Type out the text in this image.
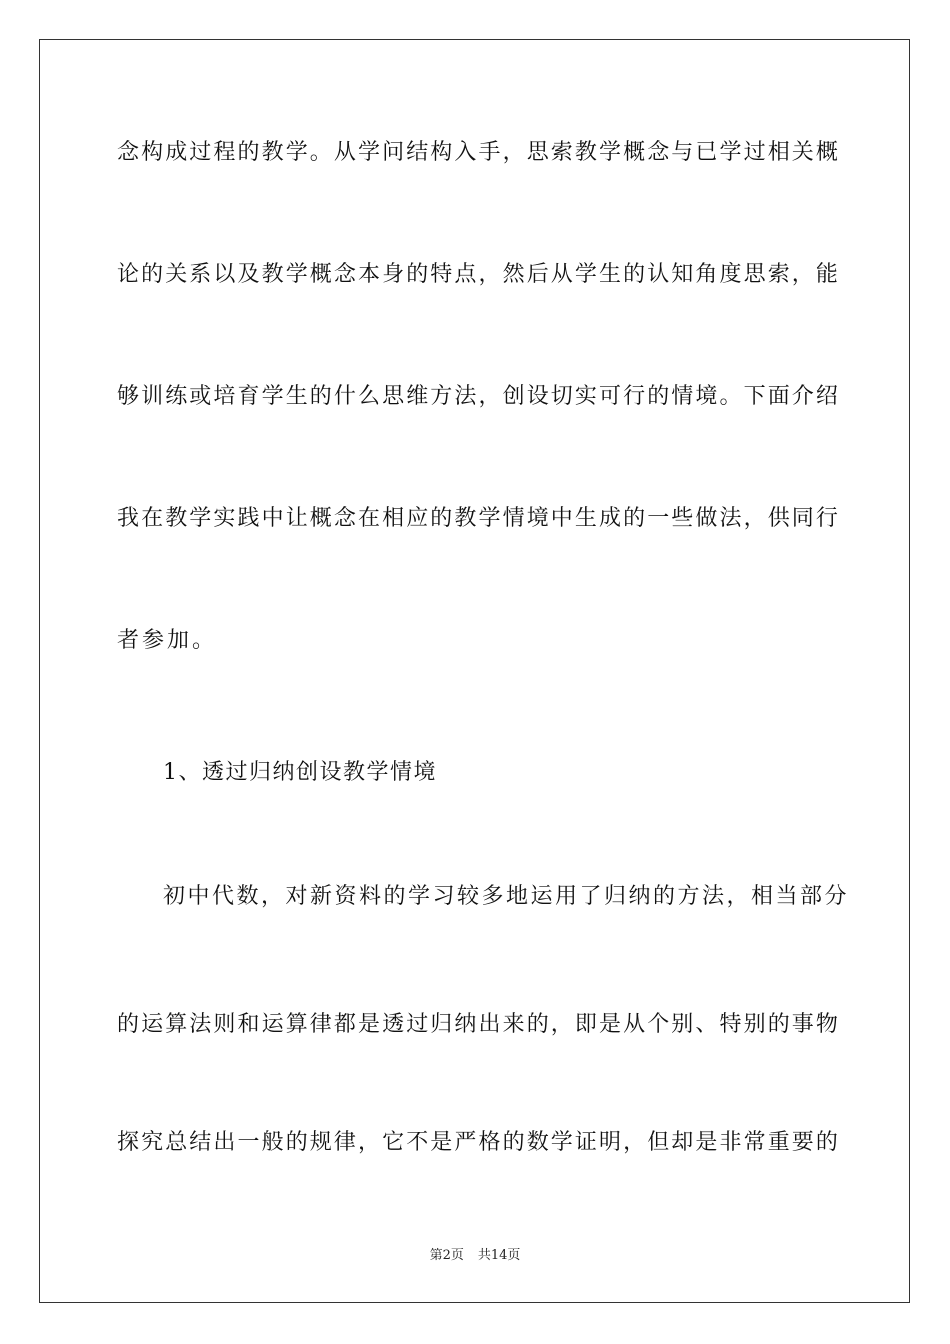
念构成过程的教学。从学问结构入手，思索教学概念与已学过相关概
论的关系以及教学概念本身的特点，然后从学生的认知角度思索，能
够训练或培育学生的什么思维方法，创设切实可行的情境。下面介绍
我在教学实践中让概念在相应的教学情境中生成的一些做法，供同行
者参加。
1、透过归纳创设教学情境
初中代数，对新资料的学习较多地运用了归纳的方法，相当部分
的运算法则和运算律都是透过归纳出来的，即是从个别、特别的事物
探究总结出一般的规律，它不是严格的数学证明，但却是非常重要的
第2页 共14页
